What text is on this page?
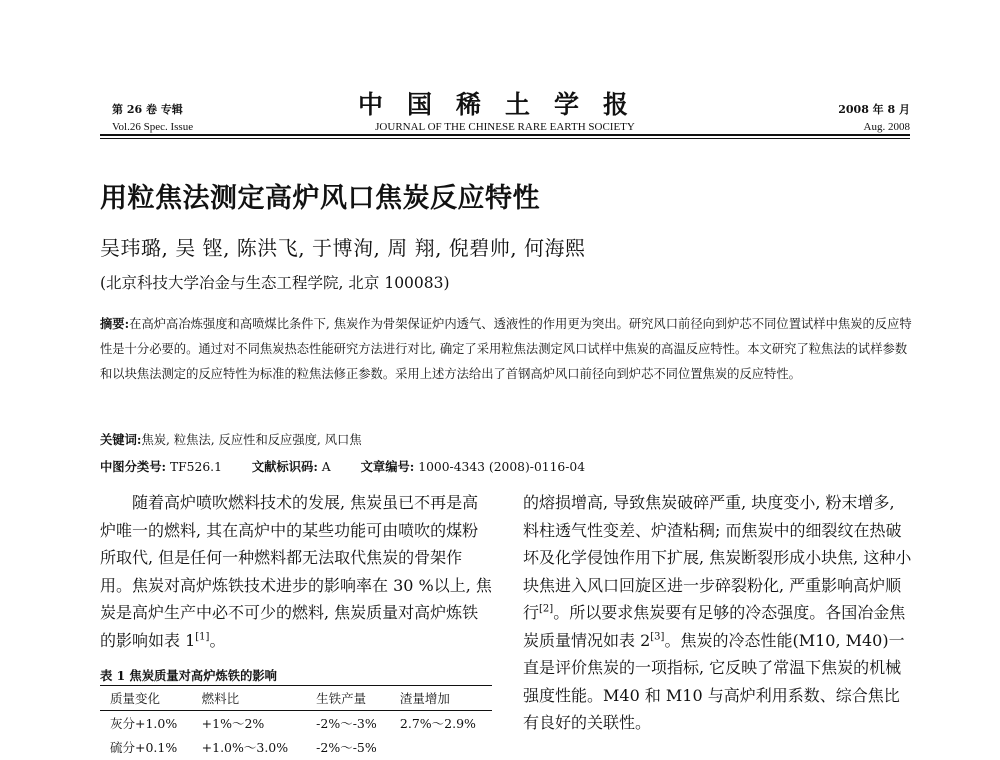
第 26 卷 专辑
Vol.26 Spec. Issue
中国稀土学报
JOURNAL OF THE CHINESE RARE EARTH SOCIETY
2008 年 8 月
Aug. 2008
用粒焦法测定高炉风口焦炭反应特性
吴玮璐, 吴 铿, 陈洪飞, 于博洵, 周 翔, 倪碧帅, 何海熙
(北京科技大学冶金与生态工程学院, 北京 100083)
摘要:在高炉高冶炼强度和高喷煤比条件下, 焦炭作为骨架保证炉内透气、透液性的作用更为突出。研究风口前径向到炉芯不同位置试样中焦炭的反应特性是十分必要的。通过对不同焦炭热态性能研究方法进行对比, 确定了采用粒焦法测定风口试样中焦炭的高温反应特性。本文研究了粒焦法的试样参数和以块焦法测定的反应特性为标准的粒焦法修正参数。采用上述方法给出了首钢高炉风口前径向到炉芯不同位置焦炭的反应特性。
关键词:焦炭, 粒焦法, 反应性和反应强度, 风口焦
中图分类号: TF526.1 文献标识码: A 文章编号: 1000-4343 (2008)-0116-04
随着高炉喷吹燃料技术的发展, 焦炭虽已不再是高炉唯一的燃料, 其在高炉中的某些功能可由喷吹的煤粉所取代, 但是任何一种燃料都无法取代焦炭的骨架作用。焦炭对高炉炼铁技术进步的影响率在 30 %以上, 焦炭是高炉生产中必不可少的燃料, 焦炭质量对高炉炼铁的影响如表 1[1]。
表 1 焦炭质量对高炉炼铁的影响
质量变化	燃料比	生铁产量	渣量增加
灰分+1.0%	+1%～2%	-2%～-3%	2.7%～2.9%
硫分+0.1%	+1.0%～3.0%	-2%～-5%	
的熔损增高, 导致焦炭破碎严重, 块度变小, 粉末增多, 料柱透气性变差、炉渣粘稠; 而焦炭中的细裂纹在热破坏及化学侵蚀作用下扩展, 焦炭断裂形成小块焦, 这种小块焦进入风口回旋区进一步碎裂粉化, 严重影响高炉顺行[2]。所以要求焦炭要有足够的冷态强度。各国冶金焦炭质量情况如表 2[3]。焦炭的冷态性能(M10, M40)一直是评价焦炭的一项指标, 它反映了常温下焦炭的机械强度性能。M40 和 M10 与高炉利用系数、综合焦比有良好的关联性。
